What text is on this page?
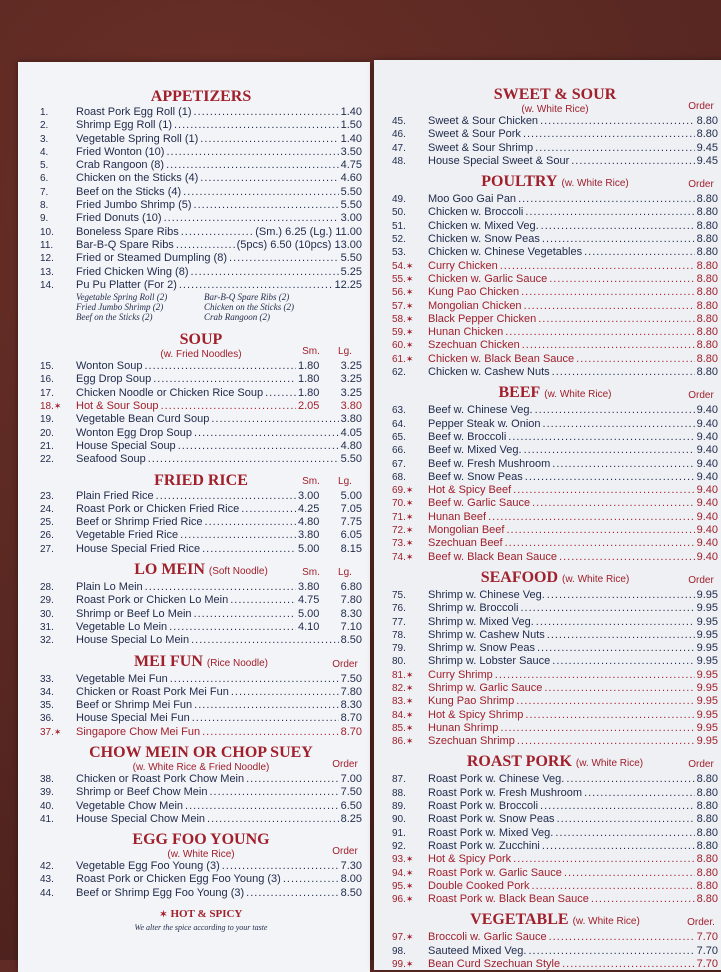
APPETIZERS
1.	Roast Pork Egg Roll (1) .....	1.40
2.	Shrimp Egg Roll (1) .....	1.50
3.	Vegetable Spring Roll (1) .....	1.40
4.	Fried Wonton (10) .....	3.50
5.	Crab Rangoon (8) .....	4.75
6.	Chicken on the Sticks (4) .....	4.60
7.	Beef on the Sticks (4) .....	5.50
8.	Fried Jumbo Shrimp (5) .....	5.50
9.	Fried Donuts (10) .....	3.00
10.	Boneless Spare Ribs .....	(Sm.) 6.25 (Lg.) 11.00
11.	Bar-B-Q Spare Ribs .....	(5pcs) 6.50 (10pcs) 13.00
12.	Fried or Steamed Dumpling (8) .....	5.50
13.	Fried Chicken Wing (8) .....	5.25
14.	Pu Pu Platter (For 2) .....	12.25
Vegetable Spring Roll (2)	Bar-B-Q Spare Ribs (2)
Fried Jumbo Shrimp (2)	Chicken on the Sticks (2)
Beef on the Sticks (2)	Crab Rangoon (2)
SOUP
(w. Fried Noodles)	Sm. Lg.
15.	Wonton Soup .....	1.80 3.25
16.	Egg Drop Soup .....	1.80 3.25
17.	Chicken Noodle or Chicken Rice Soup .....	1.80 3.25
18.✶	Hot & Sour Soup .....	2.05 3.80
19.	Vegetable Bean Curd Soup .....	3.80
20.	Wonton Egg Drop Soup .....	4.05
21.	House Special Soup .....	4.80
22.	Seafood Soup .....	5.50
FRIED RICE	Sm. Lg.
23.	Plain Fried Rice .....	3.00 5.00
24.	Roast Pork or Chicken Fried Rice .....	4.25 7.05
25.	Beef or Shrimp Fried Rice .....	4.80 7.75
26.	Vegetable Fried Rice .....	3.80 6.05
27.	House Special Fried Rice .....	5.00 8.15
LO MEIN (Soft Noodle)	Sm. Lg.
28.	Plain Lo Mein .....	3.80 6.80
29.	Roast Pork or Chicken Lo Mein .....	4.75 7.80
30.	Shrimp or Beef Lo Mein .....	5.00 8.30
31.	Vegetable Lo Mein .....	4.10 7.10
32.	House Special Lo Mein .....	8.50
MEI FUN (Rice Noodle)	Order
33.	Vegetable Mei Fun .....	7.50
34.	Chicken or Roast Pork Mei Fun .....	7.80
35.	Beef or Shrimp Mei Fun .....	8.30
36.	House Special Mei Fun .....	8.70
37.✶	Singapore Chow Mei Fun .....	8.70
CHOW MEIN OR CHOP SUEY
(w. White Rice & Fried Noodle)	Order
38.	Chicken or Roast Pork Chow Mein .....	7.00
39.	Shrimp or Beef Chow Mein .....	7.50
40.	Vegetable Chow Mein .....	6.50
41.	House Special Chow Mein .....	8.25
EGG FOO YOUNG
(w. White Rice)	Order
42.	Vegetable Egg Foo Young (3) .....	7.30
43.	Roast Pork or Chicken Egg Foo Young (3) .....	8.00
44.	Beef or Shrimp Egg Foo Young (3) .....	8.50
✶ HOT & SPICY
We alter the spice according to your taste
SWEET & SOUR
(w. White Rice)	Order
45.	Sweet & Sour Chicken .....	8.80
46.	Sweet & Sour Pork .....	8.80
47.	Sweet & Sour Shrimp .....	9.45
48.	House Special Sweet & Sour .....	9.45
POULTRY (w. White Rice)	Order
49.	Moo Goo Gai Pan .....	8.80
50.	Chicken w. Broccoli .....	8.80
51.	Chicken w. Mixed Veg. .....	8.80
52.	Chicken w. Snow Peas .....	8.80
53.	Chicken w. Chinese Vegetables .....	8.80
54.✶	Curry Chicken .....	8.80
55.✶	Chicken w. Garlic Sauce .....	8.80
56.✶	Kung Pao Chicken .....	8.80
57.✶	Mongolian Chicken .....	8.80
58.✶	Black Pepper Chicken .....	8.80
59.✶	Hunan Chicken .....	8.80
60.✶	Szechuan Chicken .....	8.80
61.✶	Chicken w. Black Bean Sauce .....	8.80
62.	Chicken w. Cashew Nuts .....	8.80
BEEF (w. White Rice)	Order
63.	Beef w. Chinese Veg. .....	9.40
64.	Pepper Steak w. Onion .....	9.40
65.	Beef w. Broccoli .....	9.40
66.	Beef w. Mixed Veg. .....	9.40
67.	Beef w. Fresh Mushroom .....	9.40
68.	Beef w. Snow Peas .....	9.40
69.✶	Hot & Spicy Beef .....	9.40
70.✶	Beef w. Garlic Sauce .....	9.40
71.✶	Hunan Beef .....	9.40
72.✶	Mongolian Beef .....	9.40
73.✶	Szechuan Beef .....	9.40
74.✶	Beef w. Black Bean Sauce .....	9.40
SEAFOOD (w. White Rice)	Order
75.	Shrimp w. Chinese Veg. .....	9.95
76.	Shrimp w. Broccoli .....	9.95
77.	Shrimp w. Mixed Veg. .....	9.95
78.	Shrimp w. Cashew Nuts .....	9.95
79.	Shrimp w. Snow Peas .....	9.95
80.	Shrimp w. Lobster Sauce .....	9.95
81.✶	Curry Shrimp .....	9.95
82.✶	Shrimp w. Garlic Sauce .....	9.95
83.✶	Kung Pao Shrimp .....	9.95
84.✶	Hot & Spicy Shrimp .....	9.95
85.✶	Hunan Shrimp .....	9.95
86.✶	Szechuan Shrimp .....	9.95
ROAST PORK (w. White Rice)	Order
87.	Roast Pork w. Chinese Veg. .....	8.80
88.	Roast Pork w. Fresh Mushroom .....	8.80
89.	Roast Pork w. Broccoli .....	8.80
90.	Roast Pork w. Snow Peas .....	8.80
91.	Roast Pork w. Mixed Veg. .....	8.80
92.	Roast Pork w. Zucchini .....	8.80
93.✶	Hot & Spicy Pork .....	8.80
94.✶	Roast Pork w. Garlic Sauce .....	8.80
95.✶	Double Cooked Pork .....	8.80
96.✶	Roast Pork w. Black Bean Sauce .....	8.80
VEGETABLE (w. White Rice)	Order.
97.✶	Broccoli w. Garlic Sauce .....	7.70
98.	Sauteed Mixed Veg. .....	7.70
99.✶	Bean Curd Szechuan Style .....	7.70
